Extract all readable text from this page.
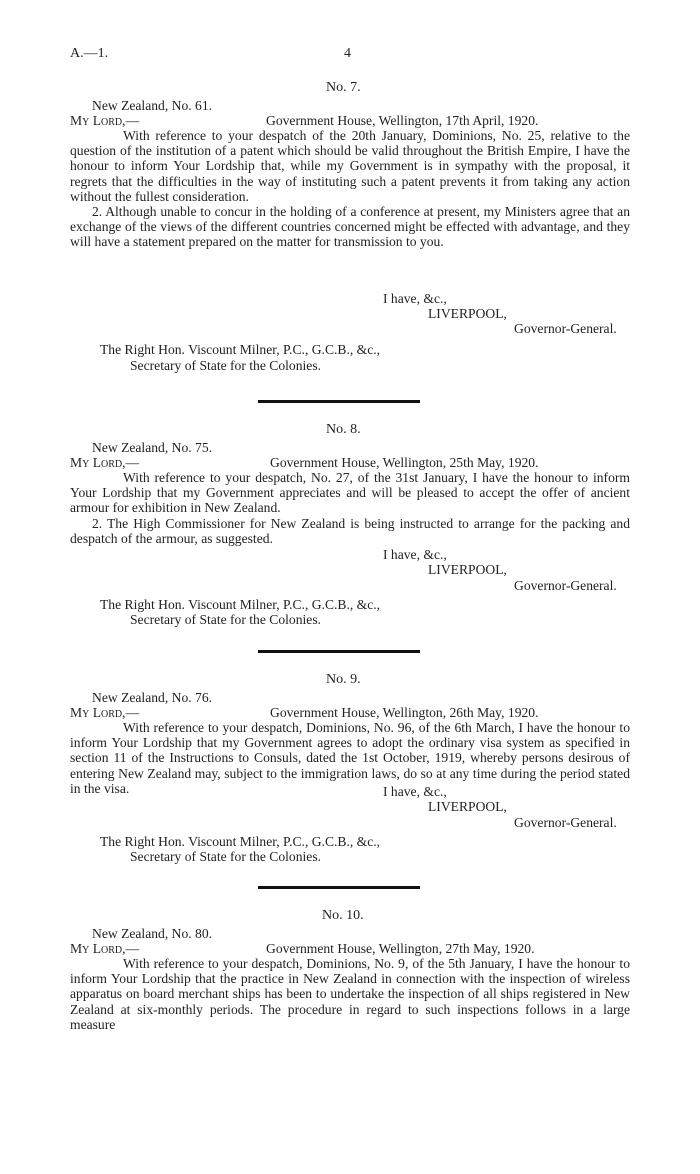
A.—1.	4
No. 7.
New Zealand, No. 61.
My Lord,—	Government House, Wellington, 17th April, 1920.

With reference to your despatch of the 20th January, Dominions, No. 25, relative to the question of the institution of a patent which should be valid throughout the British Empire, I have the honour to inform Your Lordship that, while my Government is in sympathy with the proposal, it regrets that the difficulties in the way of instituting such a patent prevents it from taking any action without the fullest consideration.

2. Although unable to concur in the holding of a conference at present, my Ministers agree that an exchange of the views of the different countries concerned might be effected with advantage, and they will have a statement prepared on the matter for transmission to you.

I have, &c.,
LIVERPOOL,
Governor-General.
The Right Hon. Viscount Milner, P.C., G.C.B., &c.,
Secretary of State for the Colonies.
No. 8.
New Zealand, No. 75.
My Lord,—	Government House, Wellington, 25th May, 1920.

With reference to your despatch, No. 27, of the 31st January, I have the honour to inform Your Lordship that my Government appreciates and will be pleased to accept the offer of ancient armour for exhibition in New Zealand.

2. The High Commissioner for New Zealand is being instructed to arrange for the packing and despatch of the armour, as suggested.

I have, &c.,
LIVERPOOL,
Governor-General.
The Right Hon. Viscount Milner, P.C., G.C.B., &c.,
Secretary of State for the Colonies.
No. 9.
New Zealand, No. 76.
My Lord,—	Government House, Wellington, 26th May, 1920.

With reference to your despatch, Dominions, No. 96, of the 6th March, I have the honour to inform Your Lordship that my Government agrees to adopt the ordinary visa system as specified in section 11 of the Instructions to Consuls, dated the 1st October, 1919, whereby persons desirous of entering New Zealand may, subject to the immigration laws, do so at any time during the period stated in the visa.	I have, &c.,
LIVERPOOL,
Governor-General.
The Right Hon. Viscount Milner, P.C., G.C.B., &c.,
Secretary of State for the Colonies.
No. 10.
New Zealand, No. 80.
My Lord,—	Government House, Wellington, 27th May, 1920.

With reference to your despatch, Dominions, No. 9, of the 5th January, I have the honour to inform Your Lordship that the practice in New Zealand in connection with the inspection of wireless apparatus on board merchant ships has been to undertake the inspection of all ships registered in New Zealand at six-monthly periods. The procedure in regard to such inspections follows in a large measure
